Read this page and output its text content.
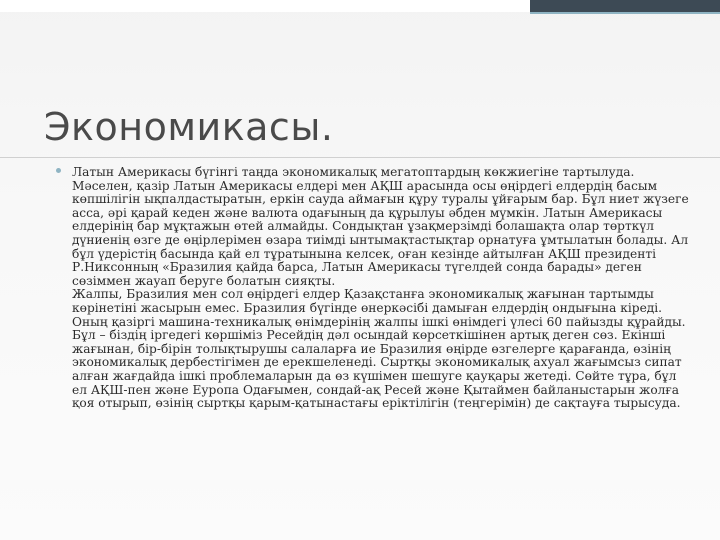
Экономикасы.
Латын Америкасы бүгінгі таңда экономикалық мегатоптардың көкжиегіне тартылуда. Мәселен, қазір Латын Америкасы елдері мен АҚШ арасында осы өңірдегі елдердің басым көпшілігін ықпалдастыратын, еркін сауда аймағын құру туралы ұйғарым бар. Бұл ниет жүзеге асса, әрі қарай кеден және валюта одағының да құрылуы әбден мүмкін. Латын Америкасы елдерінің бар мұқтажын өтей алмайды. Сондықтан ұзақмерзімді болашақта олар төрткүл дүниенің өзге де өңірлерімен өзара тиімді ынтымақтастықтар орнатуға ұмтылатын болады. Ал бұл үдерістің басында қай ел тұратынына келсек, оған кезінде айтылған АҚШ президенті Р.Никсонның «Бразилия қайда барса, Латын Америкасы түгелдей сонда барады» деген сөзіммен жауап беруге болатын сияқты.
Жалпы, Бразилия мен сол өңірдегі елдер Қазақстанға экономикалық жағынан тартымды көрінетіні жасырын емес. Бразилия бүгінде өнеркәсібі дамыған елдердің ондығына кіреді. Оның қазіргі машина-техникалық өнімдерінің жалпы ішкі өнімдегі үлесі 60 пайызды құрайды. Бұл – біздің іргедегі көршіміз Ресейдің дәл осындай көрсеткішінен артық деген сөз. Екінші жағынан, бір-бірін толықтырушы салаларға ие Бразилия өңірде өзгелерге қарағанда, өзінің экономикалық дербестігімен де ерекшеленеді. Сыртқы экономикалық ахуал жағымсыз сипат алған жағдайда ішкі проблемаларын да өз күшімен шешуге қауқары жетеді. Сөйте тұра, бұл ел АҚШ-пен және Еуропа Одағымен, сондай-ақ Ресей және Қытаймен байланыстарын жолға қоя отырып, өзінің сыртқы қарым-қатынастағы еріктілігін (теңгерімін) де сақтауға тырысуда.
